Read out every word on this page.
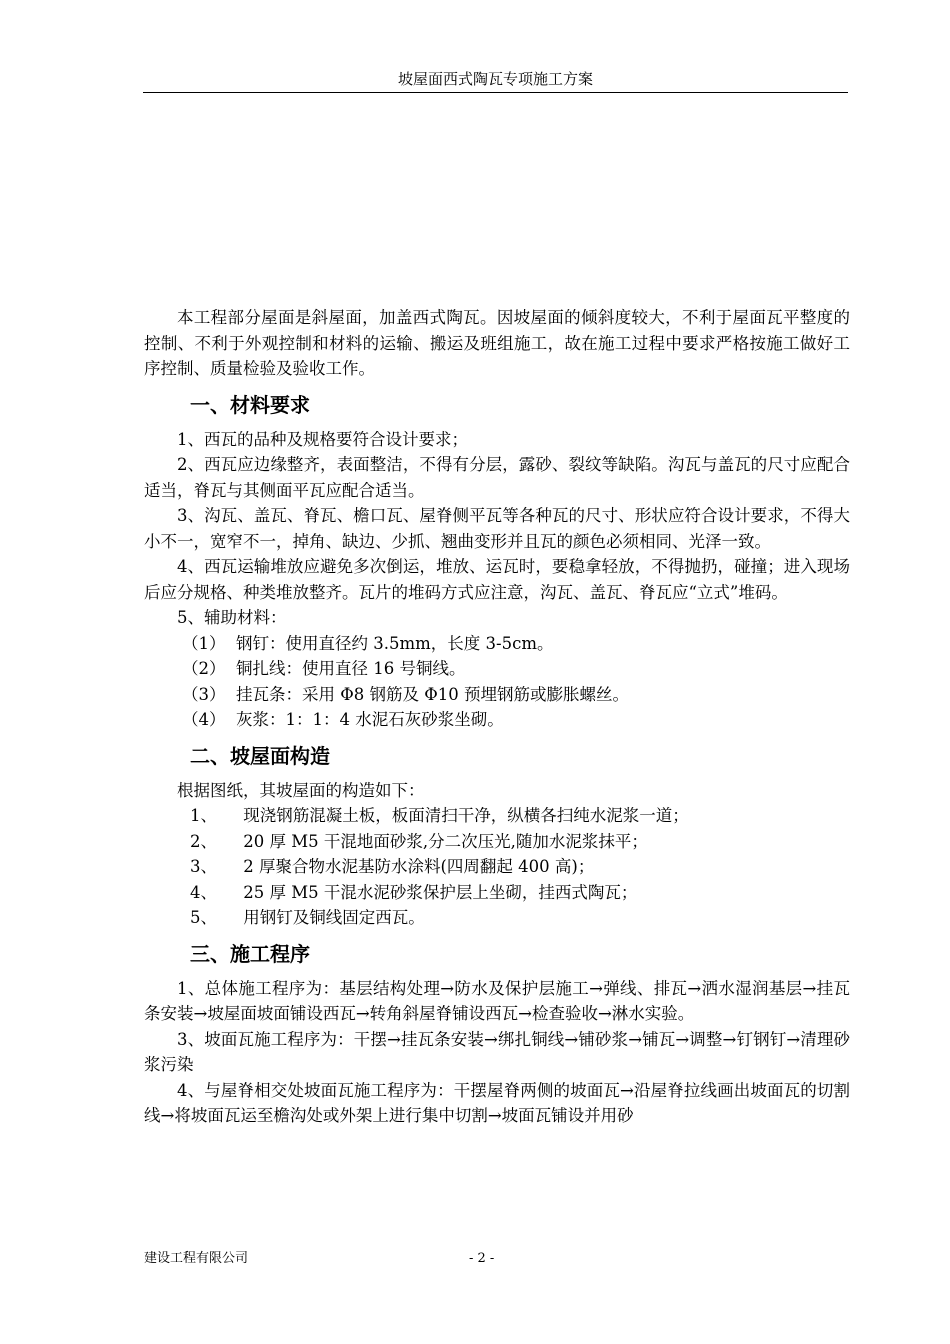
坡屋面西式陶瓦专项施工方案

本工程部分屋面是斜屋面，加盖西式陶瓦。因坡屋面的倾斜度较大，不利于屋面瓦平整度的控制、不利于外观控制和材料的运输、搬运及班组施工，故在施工过程中要求严格按施工做好工序控制、质量检验及验收工作。

一、材料要求

1、西瓦的品种及规格要符合设计要求；

2、西瓦应边缘整齐，表面整洁，不得有分层，露砂、裂纹等缺陷。沟瓦与盖瓦的尺寸应配合适当，脊瓦与其侧面平瓦应配合适当。

3、沟瓦、盖瓦、脊瓦、檐口瓦、屋脊侧平瓦等各种瓦的尺寸、形状应符合设计要求，不得大小不一，宽窄不一，掉角、缺边、少抓、翘曲变形并且瓦的颜色必须相同、光泽一致。

4、西瓦运输堆放应避免多次倒运，堆放、运瓦时，要稳拿轻放，不得抛扔，碰撞；进入现场后应分规格、种类堆放整齐。瓦片的堆码方式应注意，沟瓦、盖瓦、脊瓦应“立式”堆码。

5、辅助材料：

（1）  钢钉：使用直径约 3.5mm，长度 3-5cm。

（2）  铜扎线：使用直径 16 号铜线。

（3）  挂瓦条：采用 Φ8 钢筋及 Φ10 预埋钢筋或膨胀螺丝。

（4）  灰浆：1：1：4 水泥石灰砂浆坐砌。

二、坡屋面构造

根据图纸，其坡屋面的构造如下：

1、     现浇钢筋混凝土板，板面清扫干净，纵横各扫纯水泥浆一道；

2、     20 厚 M5 干混地面砂浆,分二次压光,随加水泥浆抹平；

3、     2 厚聚合物水泥基防水涂料(四周翻起 400 高)；

4、     25 厚 M5 干混水泥砂浆保护层上坐砌，挂西式陶瓦；

5、     用钢钉及铜线固定西瓦。

三、施工程序

1、总体施工程序为：基层结构处理→防水及保护层施工→弹线、排瓦→洒水湿润基层→挂瓦条安装→坡屋面坡面铺设西瓦→转角斜屋脊铺设西瓦→检查验收→淋水实验。

3、坡面瓦施工程序为：干摆→挂瓦条安装→绑扎铜线→铺砂浆→铺瓦→调整→钉钢钉→清理砂浆污染

4、与屋脊相交处坡面瓦施工程序为：干摆屋脊两侧的坡面瓦→沿屋脊拉线画出坡面瓦的切割线→将坡面瓦运至檐沟处或外架上进行集中切割→坡面瓦铺设并用砂

建设工程有限公司	- 2 -
